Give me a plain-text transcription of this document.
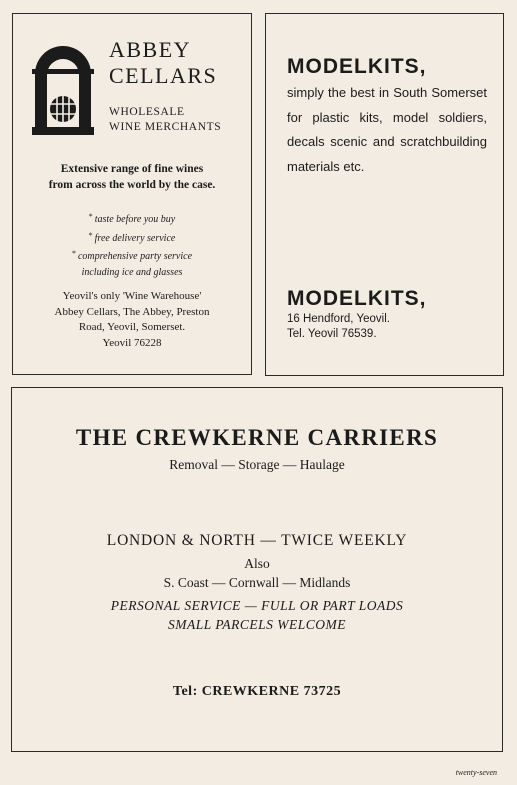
ABBEY
CELLARS
WHOLESALE
WINE MERCHANTS
Extensive range of fine wines
from across the world by the case.
* taste before you buy
* free delivery service
* comprehensive party service
including ice and glasses
Yeovil's only 'Wine Warehouse'
Abbey Cellars, The Abbey, Preston
Road, Yeovil, Somerset.
Yeovil 76228
MODELKITS,

simply the best in South Somerset for plastic kits, model soldiers, decals scenic and scratchbuilding materials etc.

MODELKITS,
16 Hendford, Yeovil.
Tel. Yeovil 76539.
THE CREWKERNE CARRIERS
Removal — Storage — Haulage
LONDON & NORTH — TWICE WEEKLY
Also
S. Coast — Cornwall — Midlands
PERSONAL SERVICE — FULL OR PART LOADS
SMALL PARCELS WELCOME
Tel: CREWKERNE 73725
twenty-seven
